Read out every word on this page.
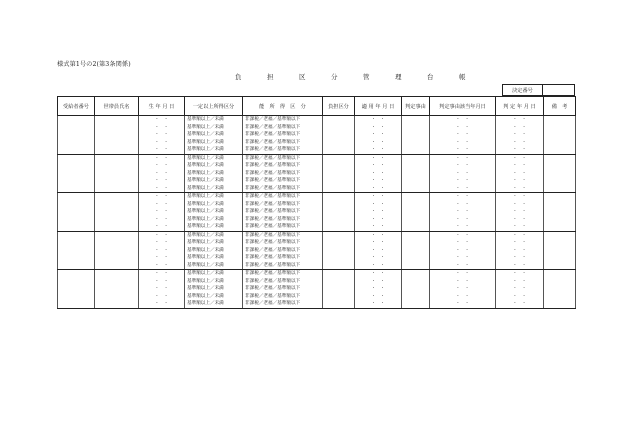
様式第1号の2(第3条関係)
負　担　区　分　管　理　台　帳
決定番号
受給者番号	世帯員氏名	生 年 月 日	一定以上所得区分	能　所　得　区　分	負担区分	適 用 年 月 日	判定事由	判定事由該当年月日	判 定 年 月 日	備　考
		・　・	基準額以上／未満	非課税／老福／基準額以下		・　・		・　・	・　・	
		・　・	基準額以上／未満	非課税／老福／基準額以下		・　・		・　・	・　・	
		・　・	基準額以上／未満	非課税／老福／基準額以下		・　・		・　・	・　・	
		・　・	基準額以上／未満	非課税／老福／基準額以下		・　・		・　・	・　・	
		・　・	基準額以上／未満	非課税／老福／基準額以下		・　・		・　・	・　・	
		・　・	基準額以上／未満	非課税／老福／基準額以下		・　・		・　・	・　・	
		・　・	基準額以上／未満	非課税／老福／基準額以下		・　・		・　・	・　・	
		・　・	基準額以上／未満	非課税／老福／基準額以下		・　・		・　・	・　・	
		・　・	基準額以上／未満	非課税／老福／基準額以下		・　・		・　・	・　・	
		・　・	基準額以上／未満	非課税／老福／基準額以下		・　・		・　・	・　・	
		・　・	基準額以上／未満	非課税／老福／基準額以下		・　・		・　・	・　・	
		・　・	基準額以上／未満	非課税／老福／基準額以下		・　・		・　・	・　・	
		・　・	基準額以上／未満	非課税／老福／基準額以下		・　・		・　・	・　・	
		・　・	基準額以上／未満	非課税／老福／基準額以下		・　・		・　・	・　・	
		・　・	基準額以上／未満	非課税／老福／基準額以下		・　・		・　・	・　・	
		・　・	基準額以上／未満	非課税／老福／基準額以下		・　・		・　・	・　・	
		・　・	基準額以上／未満	非課税／老福／基準額以下		・　・		・　・	・　・	
		・　・	基準額以上／未満	非課税／老福／基準額以下		・　・		・　・	・　・	
		・　・	基準額以上／未満	非課税／老福／基準額以下		・　・		・　・	・　・	
		・　・	基準額以上／未満	非課税／老福／基準額以下		・　・		・　・	・　・	
		・　・	基準額以上／未満	非課税／老福／基準額以下		・　・		・　・	・　・	
		・　・	基準額以上／未満	非課税／老福／基準額以下		・　・		・　・	・　・	
		・　・	基準額以上／未満	非課税／老福／基準額以下		・　・		・　・	・　・	
		・　・	基準額以上／未満	非課税／老福／基準額以下		・　・		・　・	・　・	
		・　・	基準額以上／未満	非課税／老福／基準額以下		・　・		・　・	・　・	
